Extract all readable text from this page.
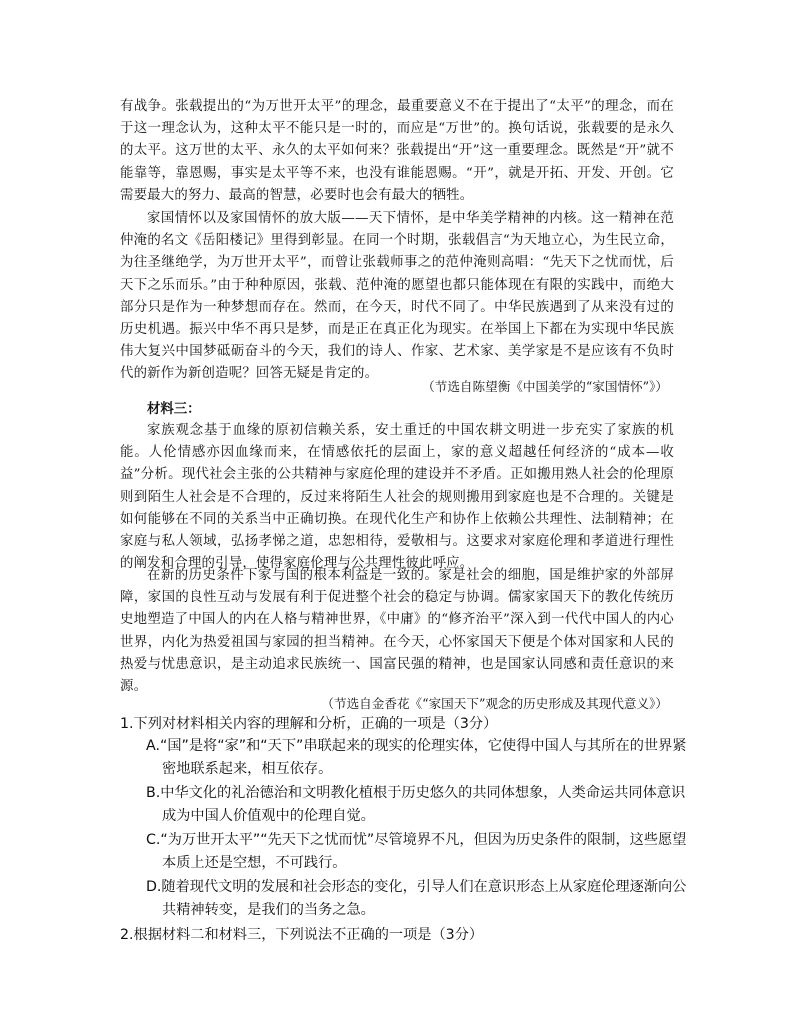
有战争。张载提出的“为万世开太平”的理念，最重要意义不在于提出了“太平”的理念，而在于这一理念认为，这种太平不能只是一时的，而应是“万世”的。换句话说，张载要的是永久的太平。这万世的太平、永久的太平如何来？张载提出“开”这一重要理念。既然是“开”就不能靠等，靠恩赐，事实是太平等不来，也没有谁能恩赐。“开”，就是开拓、开发、开创。它需要最大的努力、最高的智慧，必要时也会有最大的牺牲。

家国情怀以及家国情怀的放大版——天下情怀，是中华美学精神的内核。这一精神在范仲淹的名文《岳阳楼记》里得到彰显。在同一个时期，张载倡言“为天地立心，为生民立命，为往圣继绝学，为万世开太平”，而曾让张载师事之的范仲淹则高唱：“先天下之忧而忧，后天下之乐而乐。”由于种种原因，张载、范仲淹的愿望也都只能体现在有限的实践中，而绝大部分只是作为一种梦想而存在。然而，在今天，时代不同了。中华民族遇到了从来没有过的历史机遇。振兴中华不再只是梦，而是正在真正化为现实。在举国上下都在为实现中华民族伟大复兴中国梦砥砺奋斗的今天，我们的诗人、作家、艺术家、美学家是不是应该有不负时代的新作为新创造呢？回答无疑是肯定的。

（节选自陈望衡《中国美学的“家国情怀”》）

材料三：

家族观念基于血缘的原初信赖关系，安土重迁的中国农耕文明进一步充实了家族的机能。人伦情感亦因血缘而来，在情感依托的层面上，家的意义超越任何经济的“成本—收益”分析。现代社会主张的公共精神与家庭伦理的建设并不矛盾。正如搬用熟人社会的伦理原则到陌生人社会是不合理的，反过来将陌生人社会的规则搬用到家庭也是不合理的。关键是如何能够在不同的关系当中正确切换。在现代化生产和协作上依赖公共理性、法制精神；在家庭与私人领域，弘扬孝悌之道，忠恕相待，爱敬相与。这要求对家庭伦理和孝道进行理性的阐发和合理的引导，使得家庭伦理与公共理性彼此呼应。

在新的历史条件下家与国的根本利益是一致的。家是社会的细胞，国是维护家的外部屏障，家国的良性互动与发展有利于促进整个社会的稳定与协调。儒家家国天下的教化传统历史地塑造了中国人的内在人格与精神世界，《中庸》的“修齐治平”深入到一代代中国人的内心世界，内化为热爱祖国与家园的担当精神。在今天，心怀家国天下便是个体对国家和人民的热爱与忧患意识，是主动追求民族统一、国富民强的精神，也是国家认同感和责任意识的来源。

（节选自金香花《“家国天下”观念的历史形成及其现代意义》）

1.下列对材料相关内容的理解和分析，正确的一项是（3分）

A.“国”是将“家”和“天下”串联起来的现实的伦理实体，它使得中国人与其所在的世界紧密地联系起来，相互依存。

B.中华文化的礼治德治和文明教化植根于历史悠久的共同体想象，人类命运共同体意识成为中国人价值观中的伦理自觉。

C.“为万世开太平”“先天下之忧而忧”尽管境界不凡，但因为历史条件的限制，这些愿望本质上还是空想，不可践行。

D.随着现代文明的发展和社会形态的变化，引导人们在意识形态上从家庭伦理逐渐向公共精神转变，是我们的当务之急。

2.根据材料二和材料三，下列说法不正确的一项是（3分）
